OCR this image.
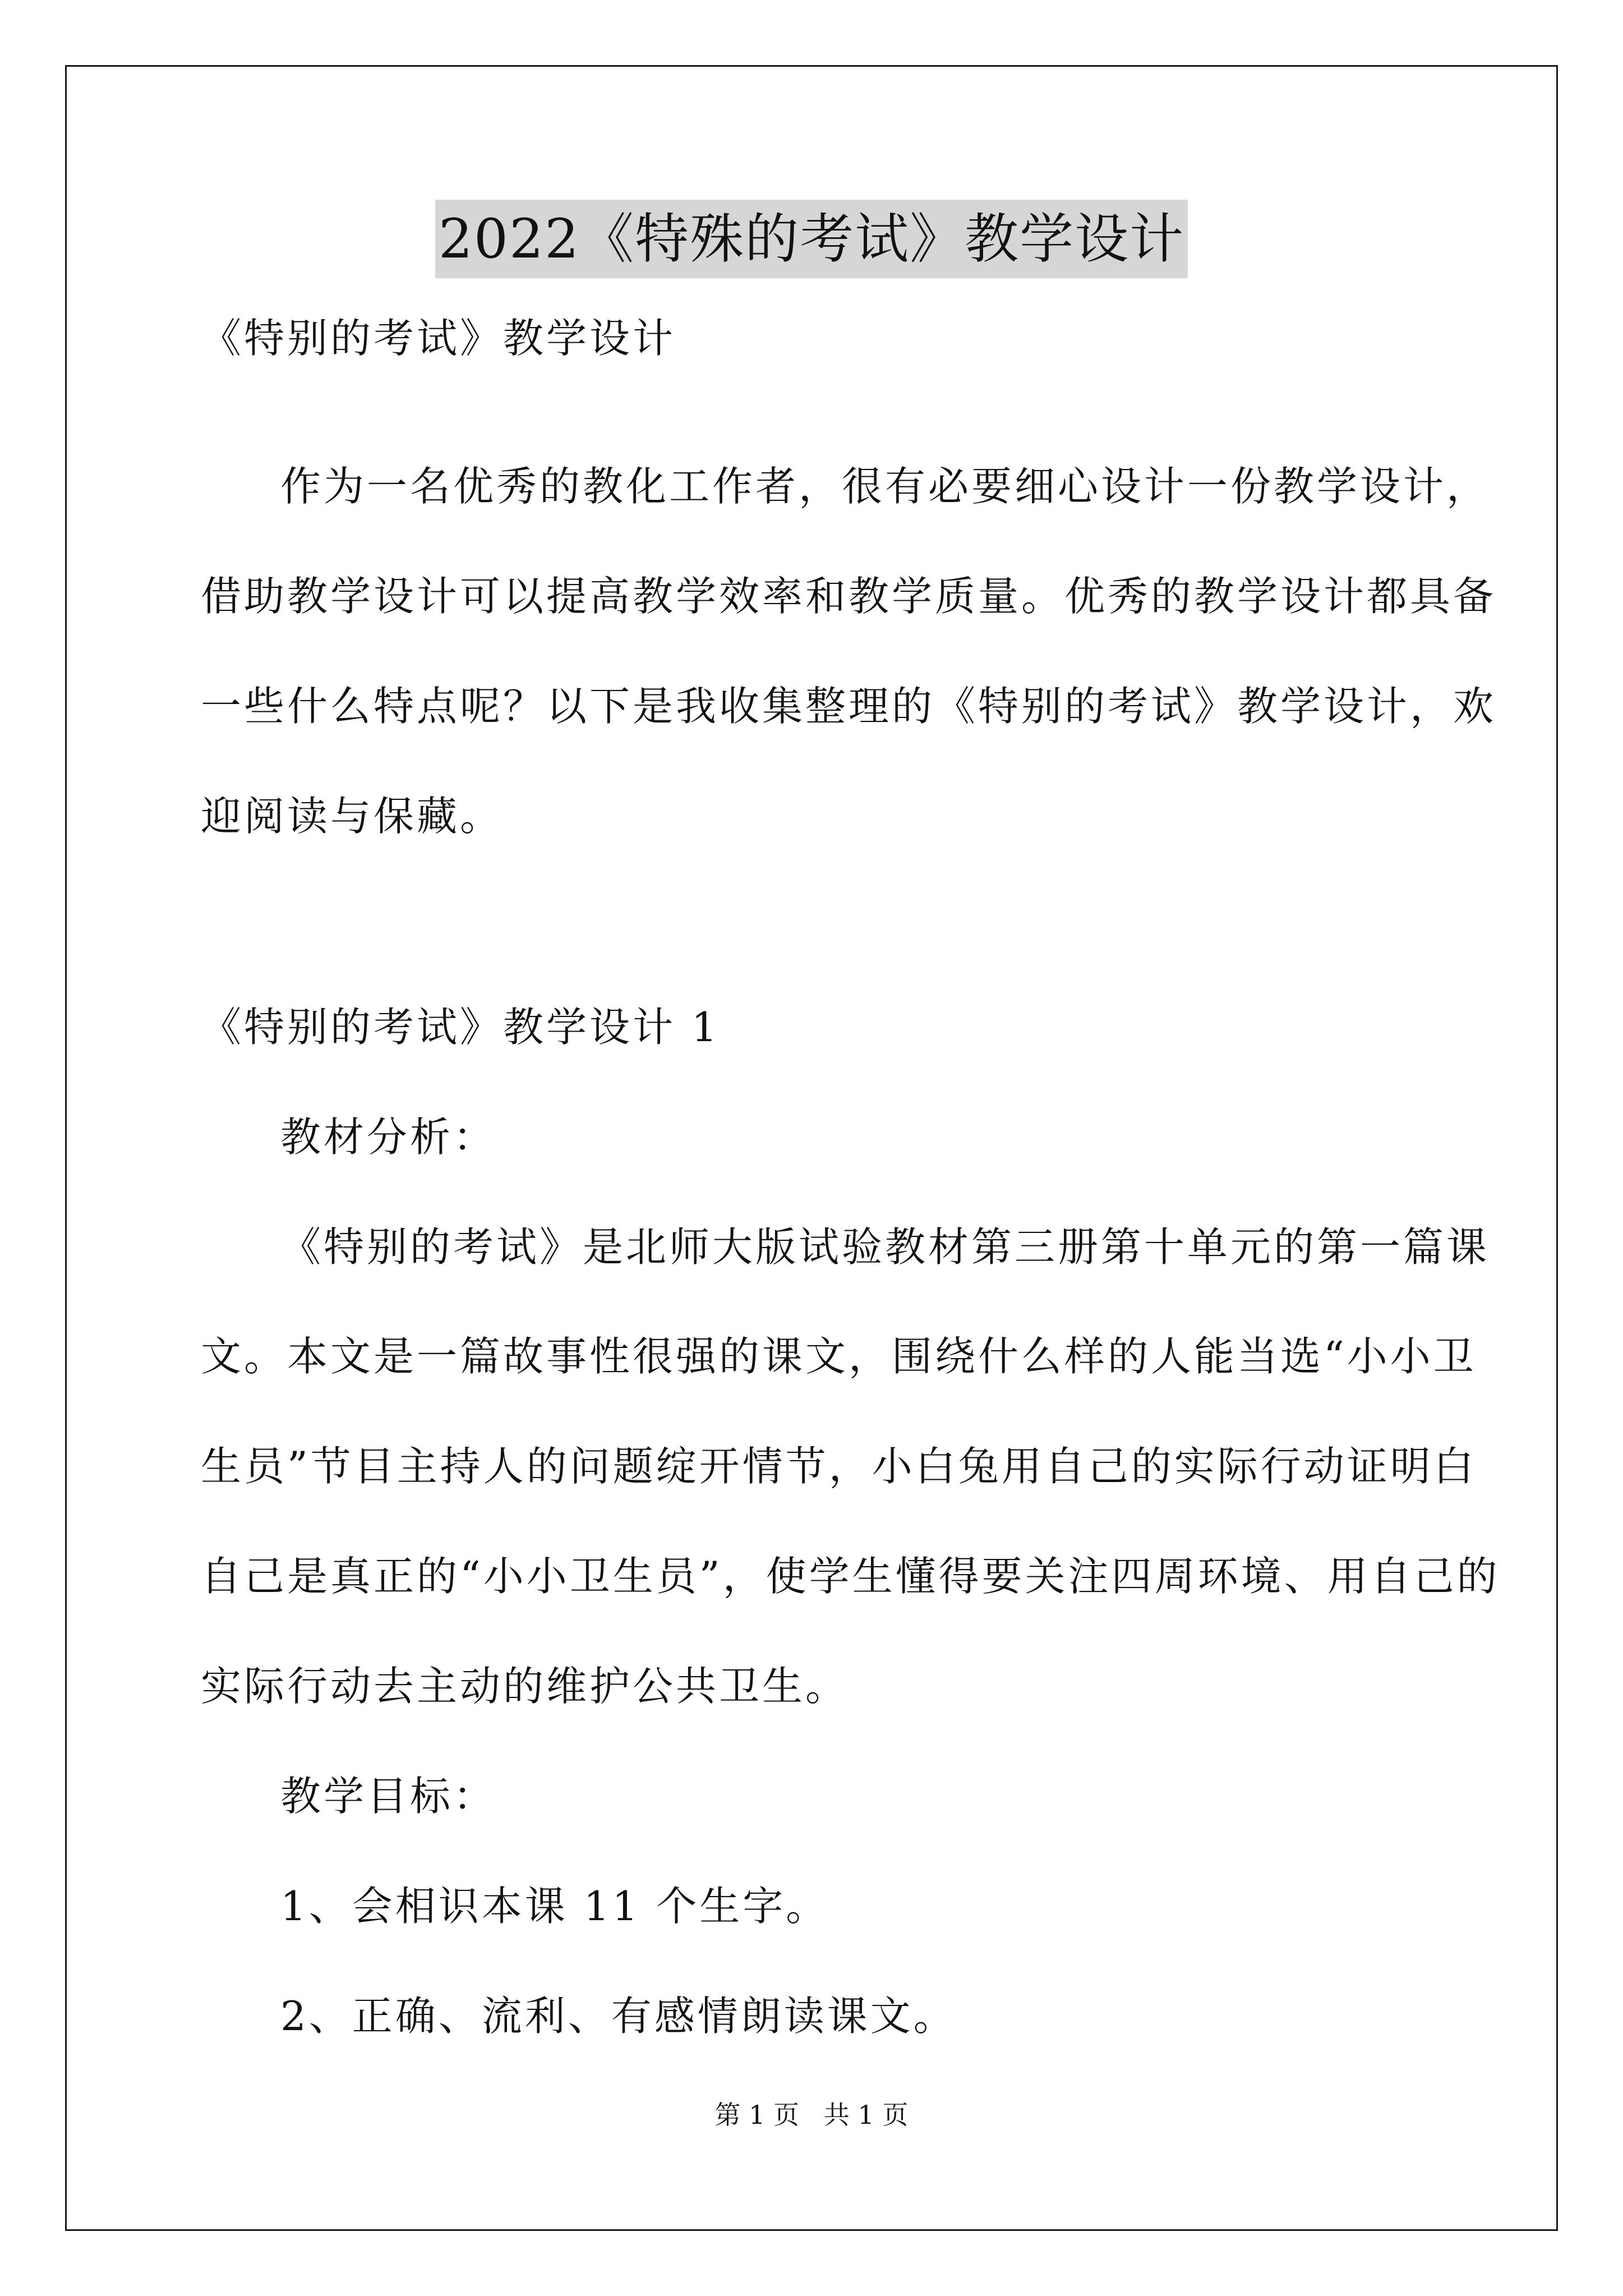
2022《特殊的考试》教学设计
《特别的考试》教学设计
作为一名优秀的教化工作者，很有必要细心设计一份教学设计，
借助教学设计可以提高教学效率和教学质量。优秀的教学设计都具备
一些什么特点呢？以下是我收集整理的《特别的考试》教学设计，欢
迎阅读与保藏。
《特别的考试》教学设计 1
教材分析：
《特别的考试》是北师大版试验教材第三册第十单元的第一篇课
文。本文是一篇故事性很强的课文，围绕什么样的人能当选“小小卫
生员”节目主持人的问题绽开情节，小白兔用自己的实际行动证明白
自己是真正的“小小卫生员”，使学生懂得要关注四周环境、用自己的
实际行动去主动的维护公共卫生。
教学目标：
1、会相识本课 11 个生字。
2、正确、流利、有感情朗读课文。
第 1 页   共 1 页
